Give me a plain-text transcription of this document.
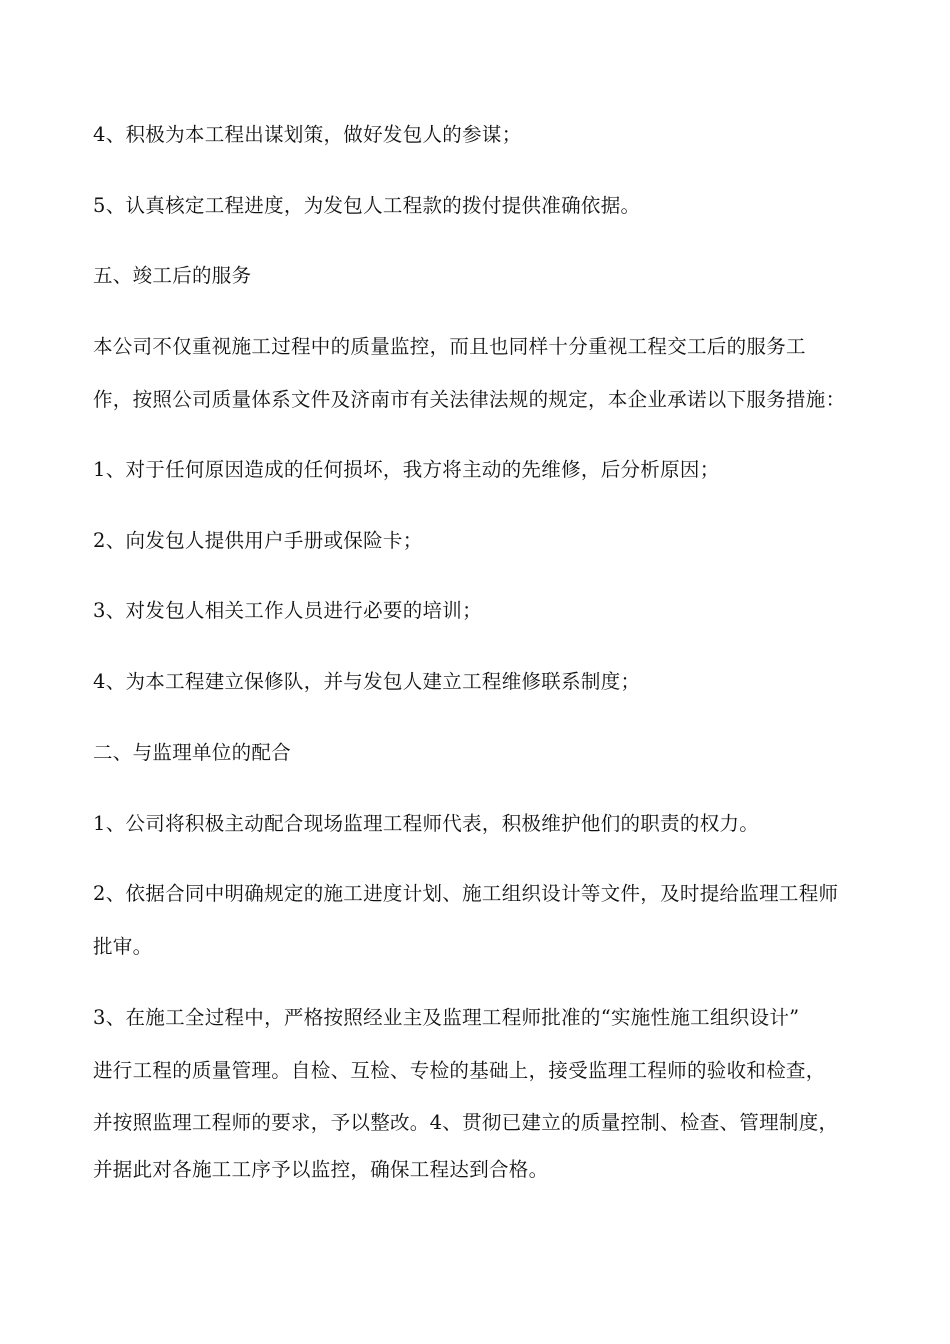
4、积极为本工程出谋划策，做好发包人的参谋；
5、认真核定工程进度，为发包人工程款的拨付提供准确依据。
五、竣工后的服务
本公司不仅重视施工过程中的质量监控，而且也同样十分重视工程交工后的服务工
作，按照公司质量体系文件及济南市有关法律法规的规定，本企业承诺以下服务措施：
1、对于任何原因造成的任何损坏，我方将主动的先维修，后分析原因；
2、向发包人提供用户手册或保险卡；
3、对发包人相关工作人员进行必要的培训；
4、为本工程建立保修队，并与发包人建立工程维修联系制度；
二、与监理单位的配合
1、公司将积极主动配合现场监理工程师代表，积极维护他们的职责的权力。
2、依据合同中明确规定的施工进度计划、施工组织设计等文件，及时提给监理工程师
批审。
3、在施工全过程中，严格按照经业主及监理工程师批准的“实施性施工组织设计”
进行工程的质量管理。自检、互检、专检的基础上，接受监理工程师的验收和检查，
并按照监理工程师的要求，予以整改。4、贯彻已建立的质量控制、检查、管理制度，
并据此对各施工工序予以监控，确保工程达到合格。
